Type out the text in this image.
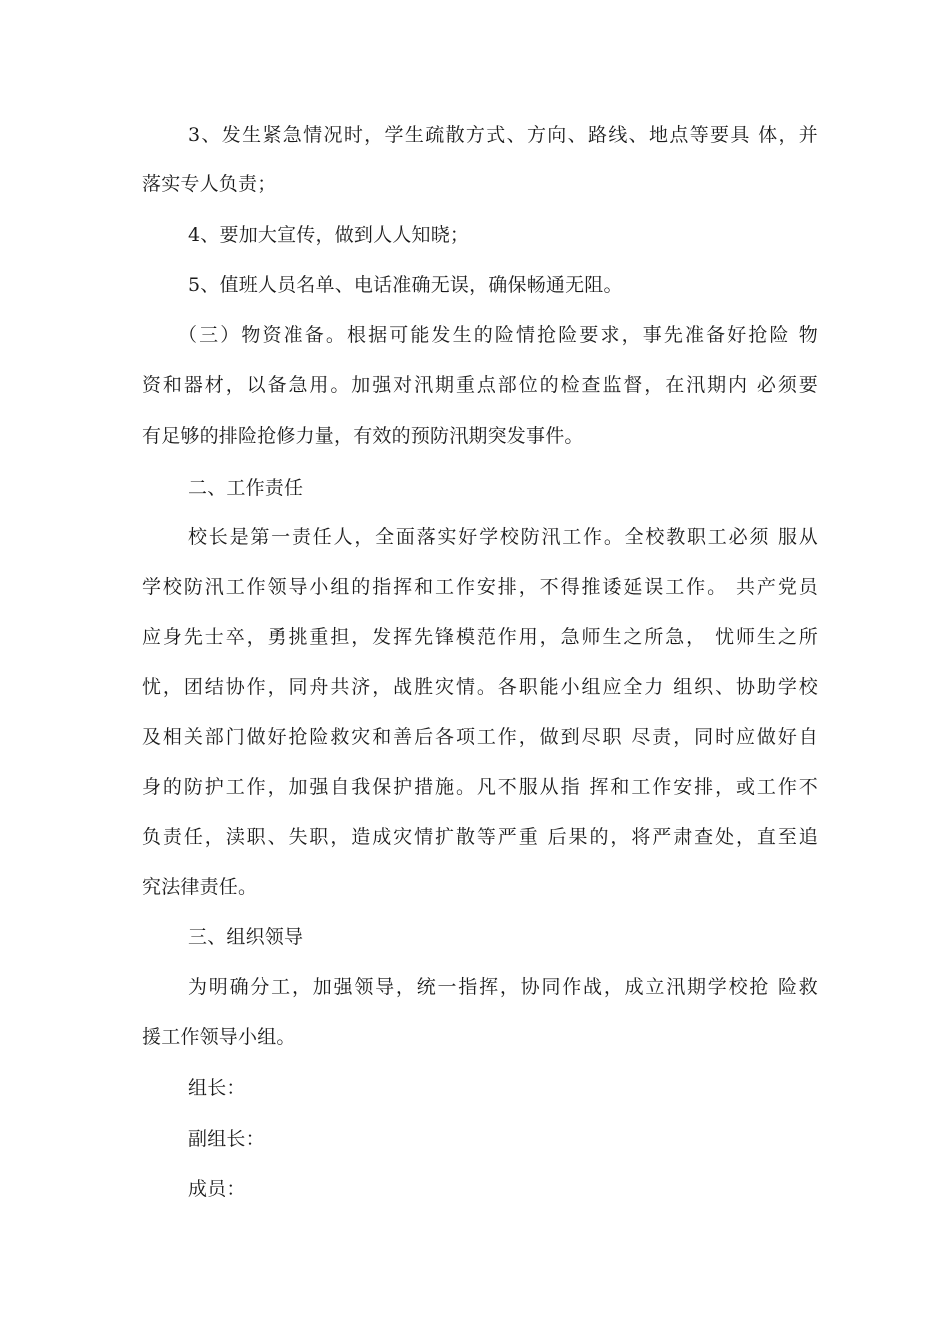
3、发生紧急情况时，学生疏散方式、方向、路线、地点等要具 体，并
落实专人负责；
4、要加大宣传，做到人人知晓；
5、值班人员名单、电话准确无误，确保畅通无阻。
（三）物资准备。根据可能发生的险情抢险要求，事先准备好抢险 物
资和器材，以备急用。加强对汛期重点部位的检查监督，在汛期内 必须要
有足够的排险抢修力量，有效的预防汛期突发事件。
二、工作责任
校长是第一责任人，全面落实好学校防汛工作。全校教职工必须 服从
学校防汛工作领导小组的指挥和工作安排，不得推诿延误工作。 共产党员
应身先士卒，勇挑重担，发挥先锋模范作用，急师生之所急， 忧师生之所
忧，团结协作，同舟共济，战胜灾情。各职能小组应全力 组织、协助学校
及相关部门做好抢险救灾和善后各项工作，做到尽职 尽责，同时应做好自
身的防护工作，加强自我保护措施。凡不服从指 挥和工作安排，或工作不
负责任，渎职、失职，造成灾情扩散等严重 后果的，将严肃查处，直至追
究法律责任。
三、组织领导
为明确分工，加强领导，统一指挥，协同作战，成立汛期学校抢 险救
援工作领导小组。
组长：
副组长：
成员：
